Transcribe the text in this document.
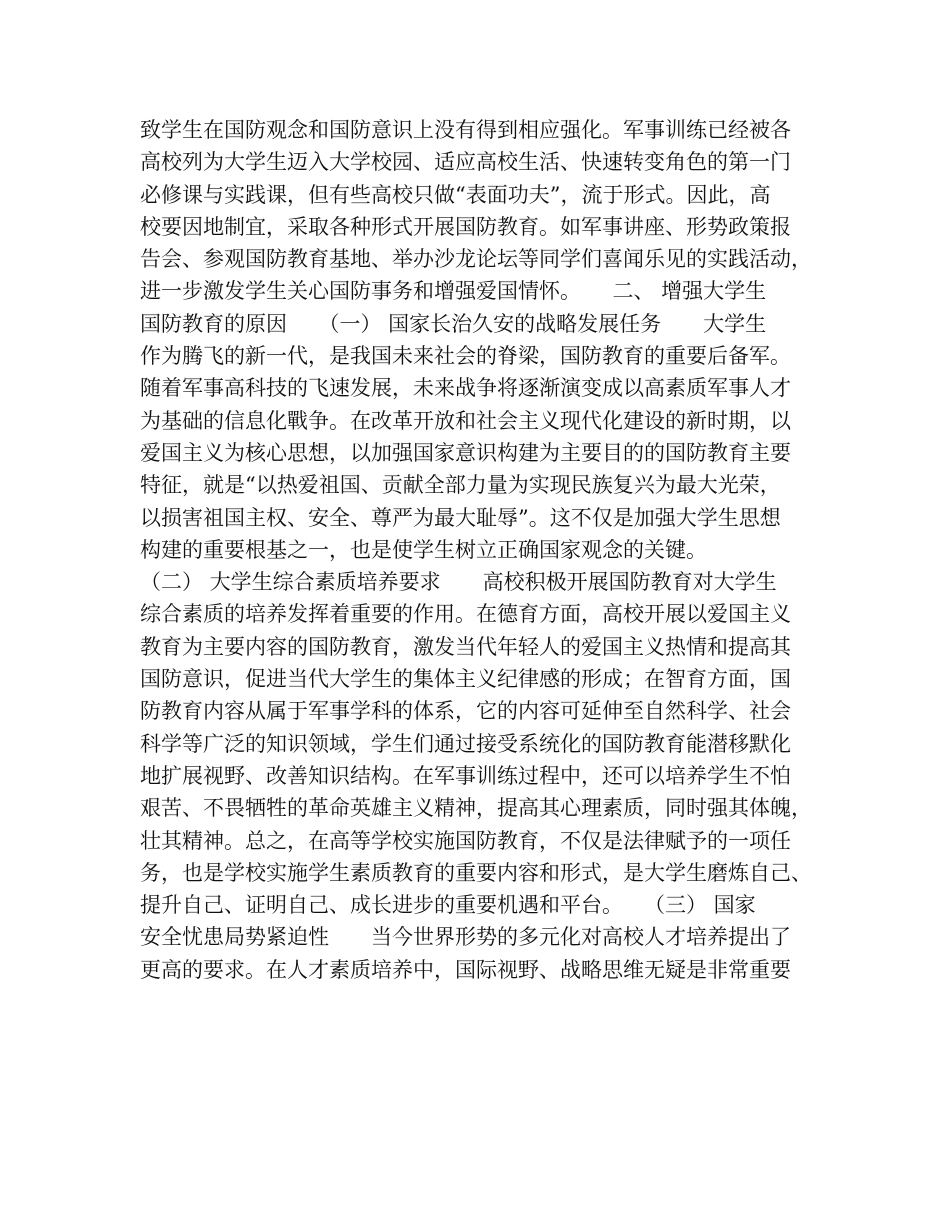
致学生在国防观念和国防意识上没有得到相应强化。军事训练已经被各
高校列为大学生迈入大学校园、适应高校生活、快速转变角色的第一门
必修课与实践课，但有些高校只做“表面功夫”，流于形式。因此，高
校要因地制宜，采取各种形式开展国防教育。如军事讲座、形势政策报
告会、参观国防教育基地、举办沙龙论坛等同学们喜闻乐见的实践活动，
进一步激发学生关心国防事务和增强爱国情怀。　　二、 增强大学生
国防教育的原因　　（一） 国家长治久安的战略发展任务　　大学生
作为腾飞的新一代，是我国未来社会的脊梁，国防教育的重要后备军。
随着军事高科技的飞速发展，未来战争将逐渐演变成以高素质军事人才
为基础的信息化戰争。在改革开放和社会主义现代化建设的新时期，以
爱国主义为核心思想，以加强国家意识构建为主要目的的国防教育主要
特征，就是“以热爱祖国、贡献全部力量为实现民族复兴为最大光荣，
以损害祖国主权、安全、尊严为最大耻辱”。这不仅是加强大学生思想
构建的重要根基之一，也是使学生树立正确国家观念的关键。
（二） 大学生综合素质培养要求　　高校积极开展国防教育对大学生
综合素质的培养发挥着重要的作用。在德育方面，高校开展以爱国主义
教育为主要内容的国防教育，激发当代年轻人的爱国主义热情和提高其
国防意识，促进当代大学生的集体主义纪律感的形成；在智育方面，国
防教育内容从属于军事学科的体系，它的内容可延伸至自然科学、社会
科学等广泛的知识领域，学生们通过接受系统化的国防教育能潜移默化
地扩展视野、改善知识结构。在军事训练过程中，还可以培养学生不怕
艰苦、不畏牺牲的革命英雄主义精神，提高其心理素质，同时强其体魄，
壮其精神。总之，在高等学校实施国防教育，不仅是法律赋予的一项任
务，也是学校实施学生素质教育的重要内容和形式，是大学生磨炼自己、
提升自己、证明自己、成长进步的重要机遇和平台。　　（三） 国家
安全忧患局势紧迫性　　当今世界形势的多元化对高校人才培养提出了
更高的要求。在人才素质培养中，国际视野、战略思维无疑是非常重要
